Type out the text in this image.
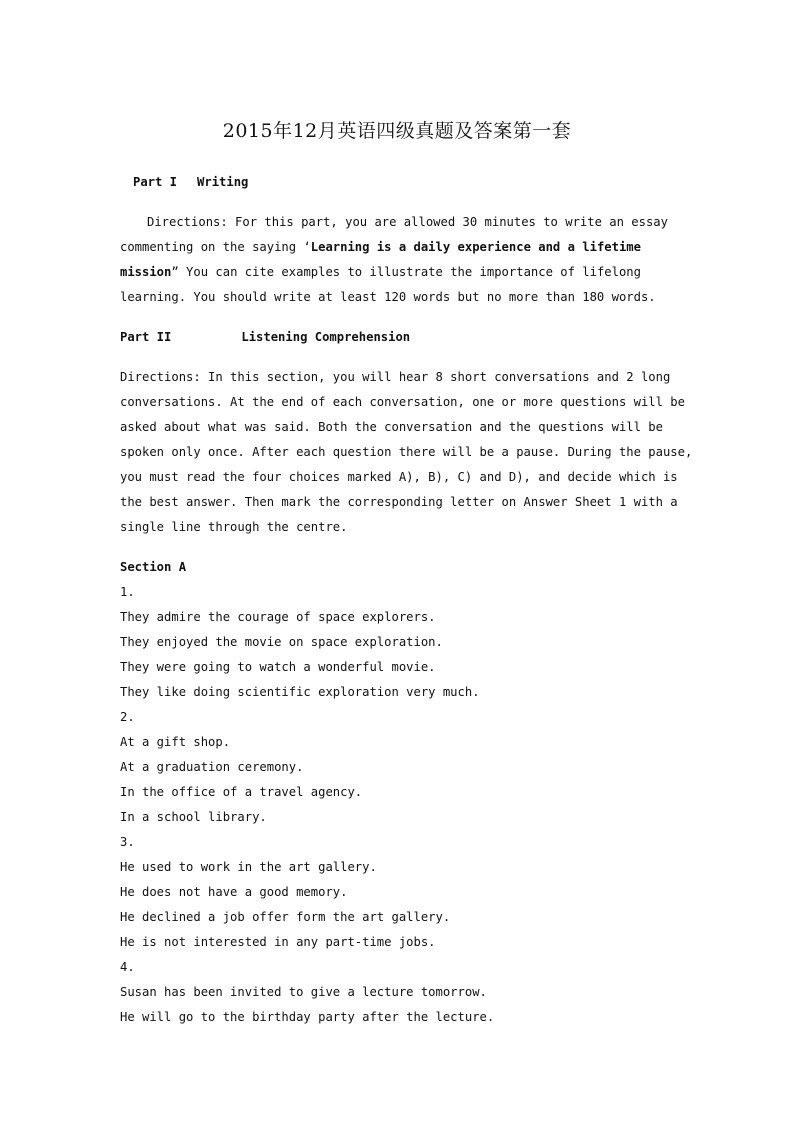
2015年12月英语四级真题及答案第一套
Part I Writing
Directions: For this part, you are allowed 30 minutes to write an essay
commenting on the saying ‘Learning is a daily experience and a lifetime
mission” You can cite examples to illustrate the importance of lifelong
learning. You should write at least 120 words but no more than 180 words.
Part II	Listening Comprehension
Directions: In this section, you will hear 8 short conversations and 2 long
conversations. At the end of each conversation, one or more questions will be
asked about what was said. Both the conversation and the questions will be
spoken only once. After each question there will be a pause. During the pause,
you must read the four choices marked A), B), C) and D), and decide which is
the best answer. Then mark the corresponding letter on Answer Sheet 1 with a
single line through the centre.
Section A
1.
They admire the courage of space explorers.
They enjoyed the movie on space exploration.
They were going to watch a wonderful movie.
They like doing scientific exploration very much.
2.
At a gift shop.
At a graduation ceremony.
In the office of a travel agency.
In a school library.
3.
He used to work in the art gallery.
He does not have a good memory.
He declined a job offer form the art gallery.
He is not interested in any part-time jobs.
4.
Susan has been invited to give a lecture tomorrow.
He will go to the birthday party after the lecture.
